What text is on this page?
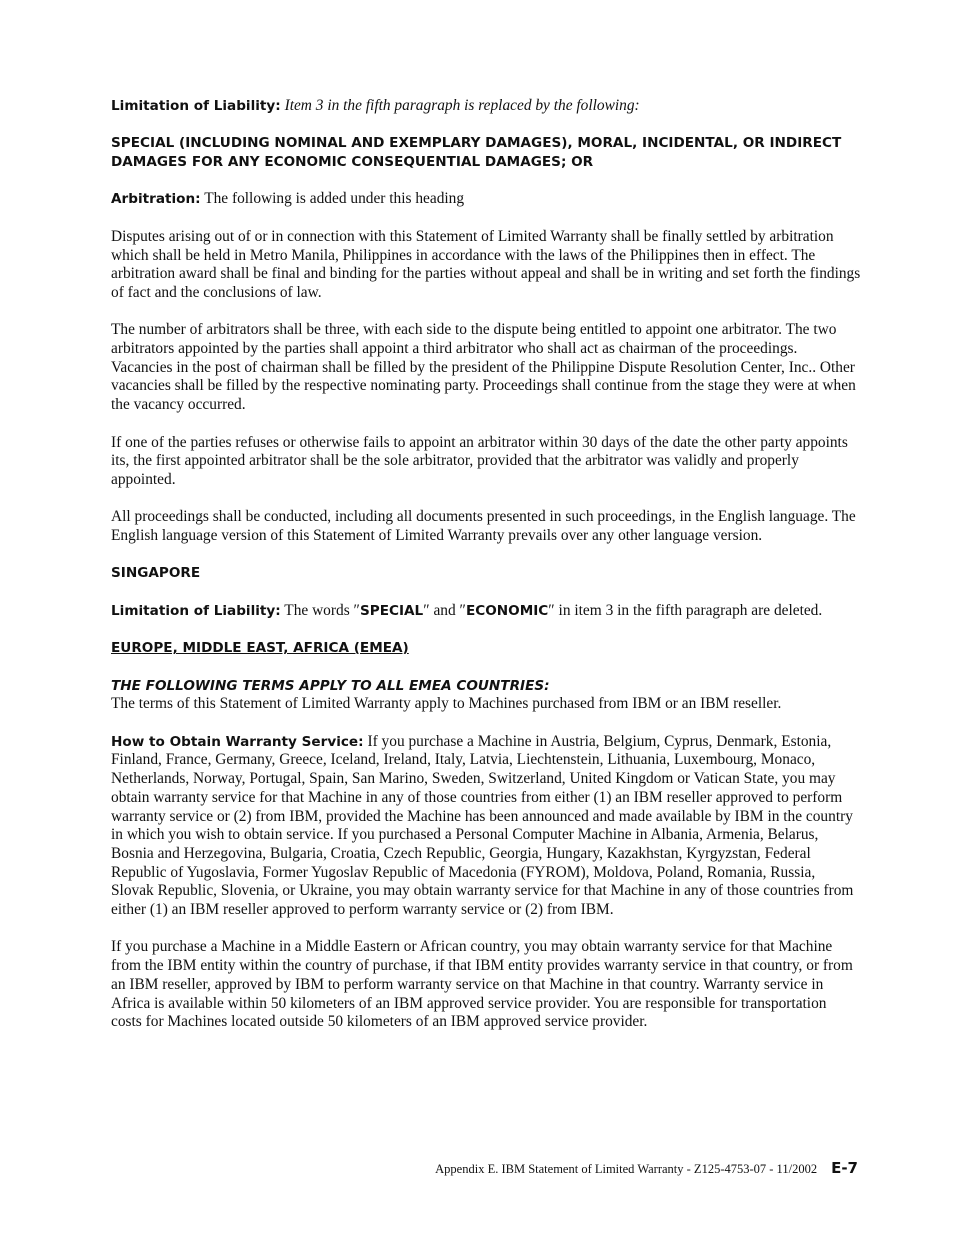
Limitation of Liability: Item 3 in the fifth paragraph is replaced by the following:

SPECIAL (INCLUDING NOMINAL AND EXEMPLARY DAMAGES), MORAL, INCIDENTAL, OR INDIRECT DAMAGES FOR ANY ECONOMIC CONSEQUENTIAL DAMAGES; OR

Arbitration: The following is added under this heading

Disputes arising out of or in connection with this Statement of Limited Warranty shall be finally settled by arbitration which shall be held in Metro Manila, Philippines in accordance with the laws of the Philippines then in effect. The arbitration award shall be final and binding for the parties without appeal and shall be in writing and set forth the findings of fact and the conclusions of law.

The number of arbitrators shall be three, with each side to the dispute being entitled to appoint one arbitrator. The two arbitrators appointed by the parties shall appoint a third arbitrator who shall act as chairman of the proceedings. Vacancies in the post of chairman shall be filled by the president of the Philippine Dispute Resolution Center, Inc.. Other vacancies shall be filled by the respective nominating party. Proceedings shall continue from the stage they were at when the vacancy occurred.

If one of the parties refuses or otherwise fails to appoint an arbitrator within 30 days of the date the other party appoints its, the first appointed arbitrator shall be the sole arbitrator, provided that the arbitrator was validly and properly appointed.

All proceedings shall be conducted, including all documents presented in such proceedings, in the English language. The English language version of this Statement of Limited Warranty prevails over any other language version.

SINGAPORE

Limitation of Liability: The words ″SPECIAL″ and ″ECONOMIC″ in item 3 in the fifth paragraph are deleted.

EUROPE, MIDDLE EAST, AFRICA (EMEA)

THE FOLLOWING TERMS APPLY TO ALL EMEA COUNTRIES:

The terms of this Statement of Limited Warranty apply to Machines purchased from IBM or an IBM reseller.

How to Obtain Warranty Service: If you purchase a Machine in Austria, Belgium, Cyprus, Denmark, Estonia, Finland, France, Germany, Greece, Iceland, Ireland, Italy, Latvia, Liechtenstein, Lithuania, Luxembourg, Monaco, Netherlands, Norway, Portugal, Spain, San Marino, Sweden, Switzerland, United Kingdom or Vatican State, you may obtain warranty service for that Machine in any of those countries from either (1) an IBM reseller approved to perform warranty service or (2) from IBM, provided the Machine has been announced and made available by IBM in the country in which you wish to obtain service. If you purchased a Personal Computer Machine in Albania, Armenia, Belarus, Bosnia and Herzegovina, Bulgaria, Croatia, Czech Republic, Georgia, Hungary, Kazakhstan, Kyrgyzstan, Federal Republic of Yugoslavia, Former Yugoslav Republic of Macedonia (FYROM), Moldova, Poland, Romania, Russia, Slovak Republic, Slovenia, or Ukraine, you may obtain warranty service for that Machine in any of those countries from either (1) an IBM reseller approved to perform warranty service or (2) from IBM.

If you purchase a Machine in a Middle Eastern or African country, you may obtain warranty service for that Machine from the IBM entity within the country of purchase, if that IBM entity provides warranty service in that country, or from an IBM reseller, approved by IBM to perform warranty service on that Machine in that country. Warranty service in Africa is available within 50 kilometers of an IBM approved service provider. You are responsible for transportation costs for Machines located outside 50 kilometers of an IBM approved service provider.

Appendix E. IBM Statement of Limited Warranty - Z125-4753-07 - 11/2002 E-7
